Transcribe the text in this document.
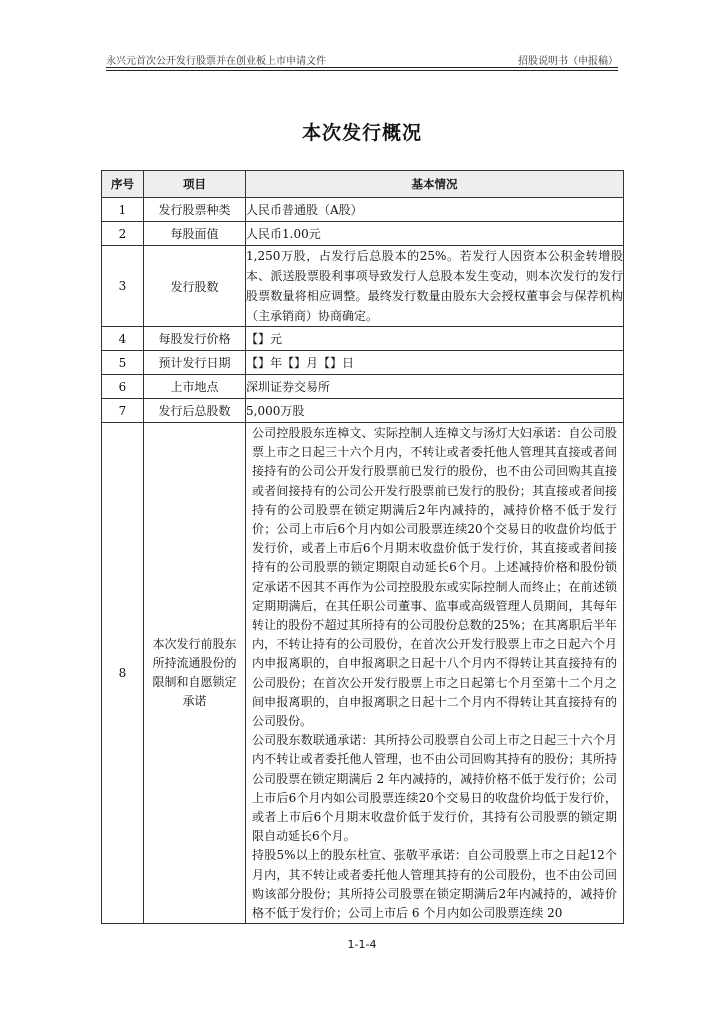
永兴元首次公开发行股票并在创业板上市申请文件	招股说明书（申报稿）
本次发行概况
序号	项目	基本情况
1	发行股票种类	人民币普通股（A股）
2	每股面值	人民币1.00元
3	发行股数	1,250万股，占发行后总股本的25%。若发行人因资本公积金转增股本、派送股票股利事项导致发行人总股本发生变动，则本次发行的发行股票数量将相应调整。最终发行数量由股东大会授权董事会与保荐机构（主承销商）协商确定。
4	每股发行价格	【】元
5	预计发行日期	【】年【】月【】日
6	上市地点	深圳证券交易所
7	发行后总股数	5,000万股
8	本次发行前股东所持流通股份的限制和自愿锁定承诺	公司控股股东连樟文、实际控制人连樟文与汤灯大妇承诺：自公司股票上市之日起三十六个月内，不转让或者委托他人管理其直接或者间接持有的公司公开发行股票前已发行的股份，也不由公司回购其直接或者间接持有的公司公开发行股票前已发行的股份；其直接或者间接持有的公司股票在锁定期满后2年内减持的，减持价格不低于发行价；公司上市后6个月内如公司股票连续20个交易日的收盘价均低于发行价，或者上市后6个月期末收盘价低于发行价，其直接或者间接持有的公司股票的锁定期限自动延长6个月。上述减持价格和股份锁定承诺不因其不再作为公司控股股东或实际控制人而终止；在前述锁定期期满后，在其任职公司董事、监事或高级管理人员期间，其每年转让的股份不超过其所持有的公司股份总数的25%；在其离职后半年内，不转让持有的公司股份，在首次公开发行股票上市之日起六个月内申报离职的，自申报离职之日起十八个月内不得转让其直接持有的公司股份；在首次公开发行股票上市之日起第七个月至第十二个月之间申报离职的，自申报离职之日起十二个月内不得转让其直接持有的公司股份。
公司股东数联通承诺：其所持公司股票自公司上市之日起三十六个月内不转让或者委托他人管理，也不由公司回购其持有的股份；其所持公司股票在锁定期满后 2 年内减持的，减持价格不低于发行价；公司上市后6个月内如公司股票连续20个交易日的收盘价均低于发行价，或者上市后6个月期末收盘价低于发行价，其持有公司股票的锁定期限自动延长6个月。
持股5%以上的股东杜宣、张敬平承诺：自公司股票上市之日起12个月内，其不转让或者委托他人管理其持有的公司股份，也不由公司回购该部分股份；其所持公司股票在锁定期满后2年内减持的，减持价格不低于发行价；公司上市后 6 个月内如公司股票连续 20
1-1-4
